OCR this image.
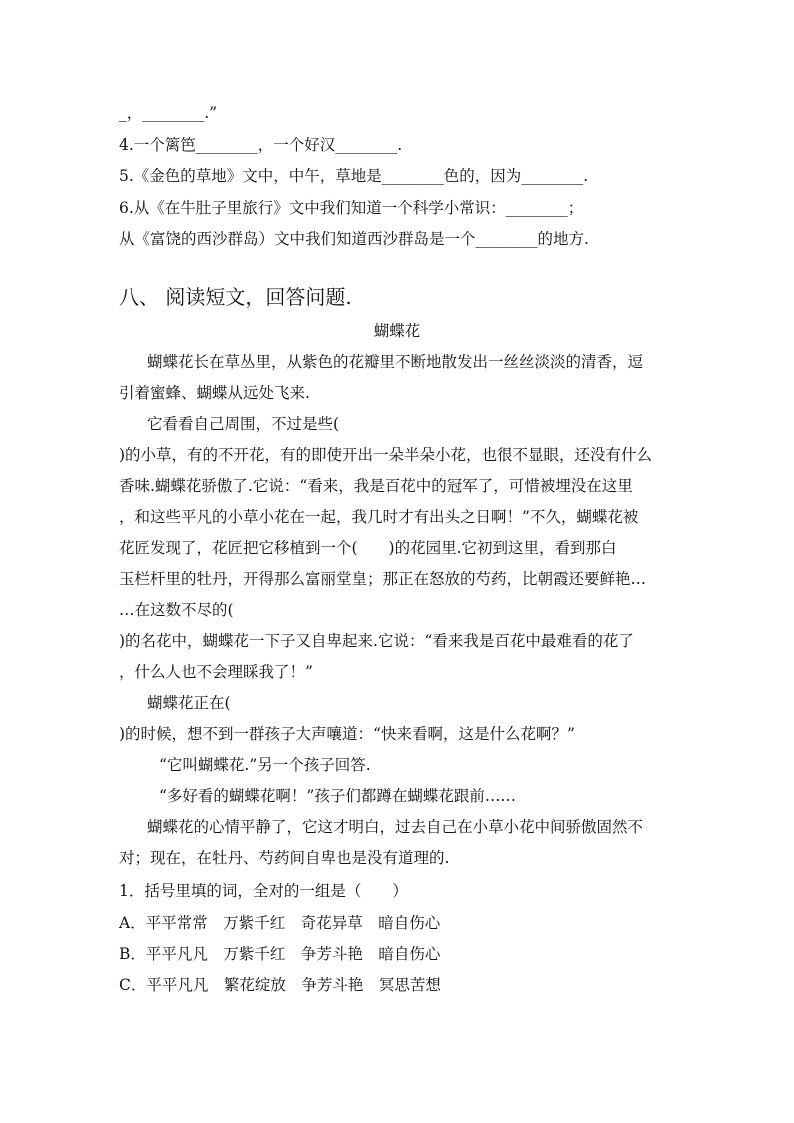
_，________.”
4.一个篱笆________，一个好汉________.
5.《金色的草地》文中，中午，草地是________色的，因为________.
6.从《在牛肚子里旅行》文中我们知道一个科学小常识：________；
从《富饶的西沙群岛）文中我们知道西沙群岛是一个________的地方.
八、 阅读短文，回答问题.
蝴蝶花
蝴蝶花长在草丛里，从紫色的花瓣里不断地散发出一丝丝淡淡的清香，逗
引着蜜蜂、蝴蝶从远处飞来.
它看看自己周围，不过是些(
)的小草，有的不开花，有的即使开出一朵半朵小花，也很不显眼，还没有什么
香味.蝴蝶花骄傲了.它说：“看来，我是百花中的冠军了，可惜被埋没在这里
，和这些平凡的小草小花在一起，我几时才有出头之日啊！”不久，蝴蝶花被
花匠发现了，花匠把它移植到一个(　　)的花园里.它初到这里，看到那白
玉栏杆里的牡丹，开得那么富丽堂皇；那正在怒放的芍药，比朝霞还要鲜艳…
…在这数不尽的(
)的名花中，蝴蝶花一下子又自卑起来.它说：“看来我是百花中最难看的花了
，什么人也不会理睬我了！”
蝴蝶花正在(
)的时候，想不到一群孩子大声嚷道：“快来看啊，这是什么花啊？”
“它叫蝴蝶花.”另一个孩子回答.
“多好看的蝴蝶花啊！”孩子们都蹲在蝴蝶花跟前……
蝴蝶花的心情平静了，它这才明白，过去自己在小草小花中间骄傲固然不
对；现在，在牡丹、芍药间自卑也是没有道理的.
1．括号里填的词，全对的一组是（　　）
A．平平常常　万紫千红　奇花异草　暗自伤心
B．平平凡凡　万紫千红　争芳斗艳　暗自伤心
C．平平凡凡　繁花绽放　争芳斗艳　冥思苦想
